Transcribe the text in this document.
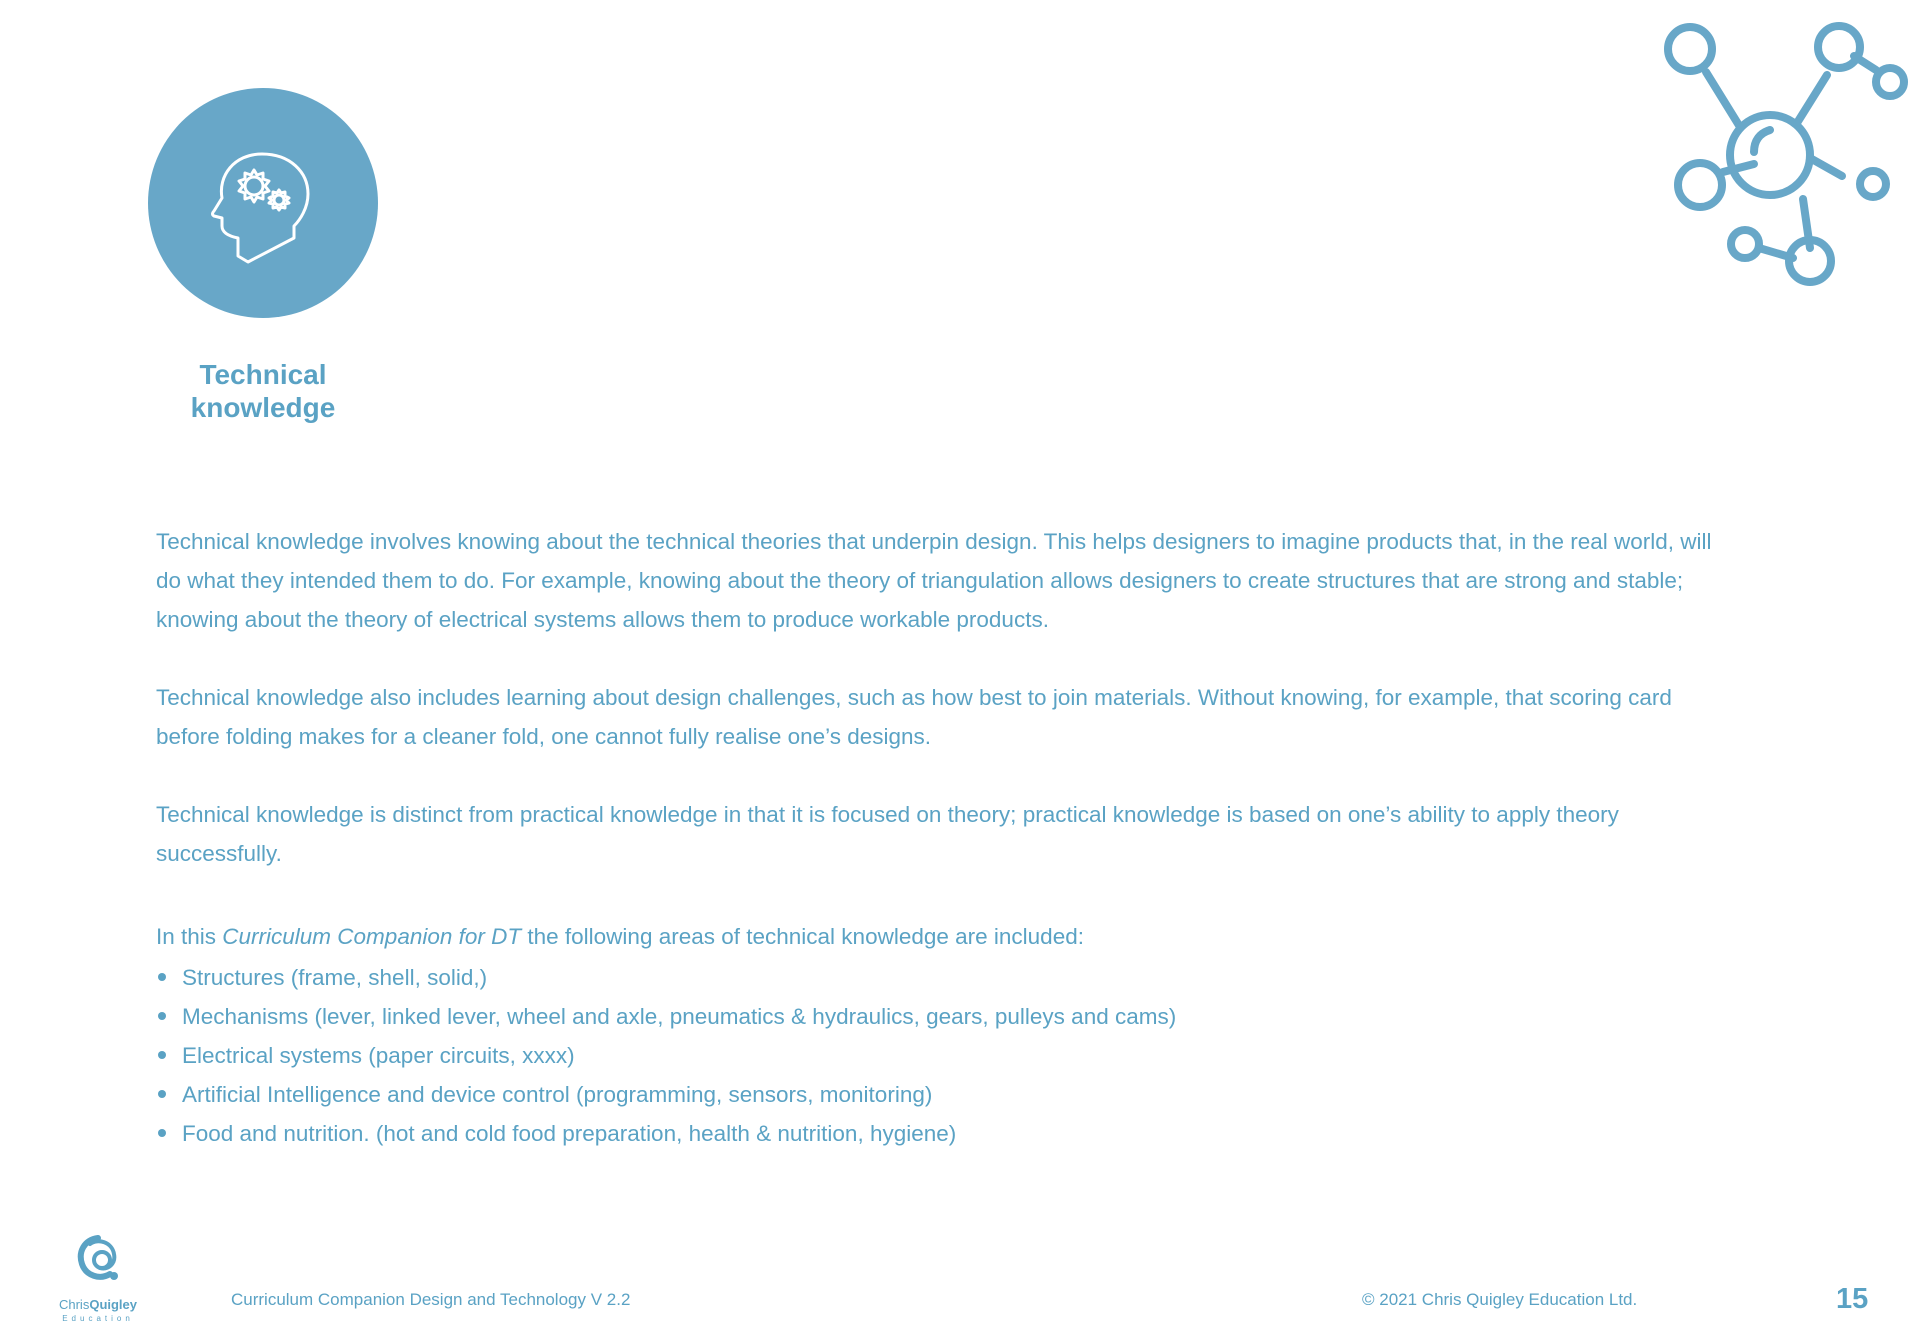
Technical
knowledge

Technical knowledge involves knowing about the technical theories that underpin design. This helps designers to imagine products that, in the real world, will do what they intended them to do. For example, knowing about the theory of triangulation allows designers to create structures that are strong and stable; knowing about the theory of electrical systems allows them to produce workable products.

Technical knowledge also includes learning about design challenges, such as how best to join materials. Without knowing, for example, that scoring card before folding makes for a cleaner fold, one cannot fully realise one’s designs.

Technical knowledge is distinct from practical knowledge in that it is focused on theory; practical knowledge is based on one’s ability to apply theory successfully.

In this Curriculum Companion for DT the following areas of technical knowledge are included:

Structures (frame, shell, solid,)
Mechanisms (lever, linked lever, wheel and axle, pneumatics & hydraulics, gears, pulleys and cams)
Electrical systems (paper circuits, xxxx)
Artificial Intelligence and device control (programming, sensors, monitoring)
Food and nutrition. (hot and cold food preparation, health & nutrition, hygiene)
ChrisQuigley
Education
Curriculum Companion Design and Technology V 2.2	© 2021 Chris Quigley Education Ltd.	15
